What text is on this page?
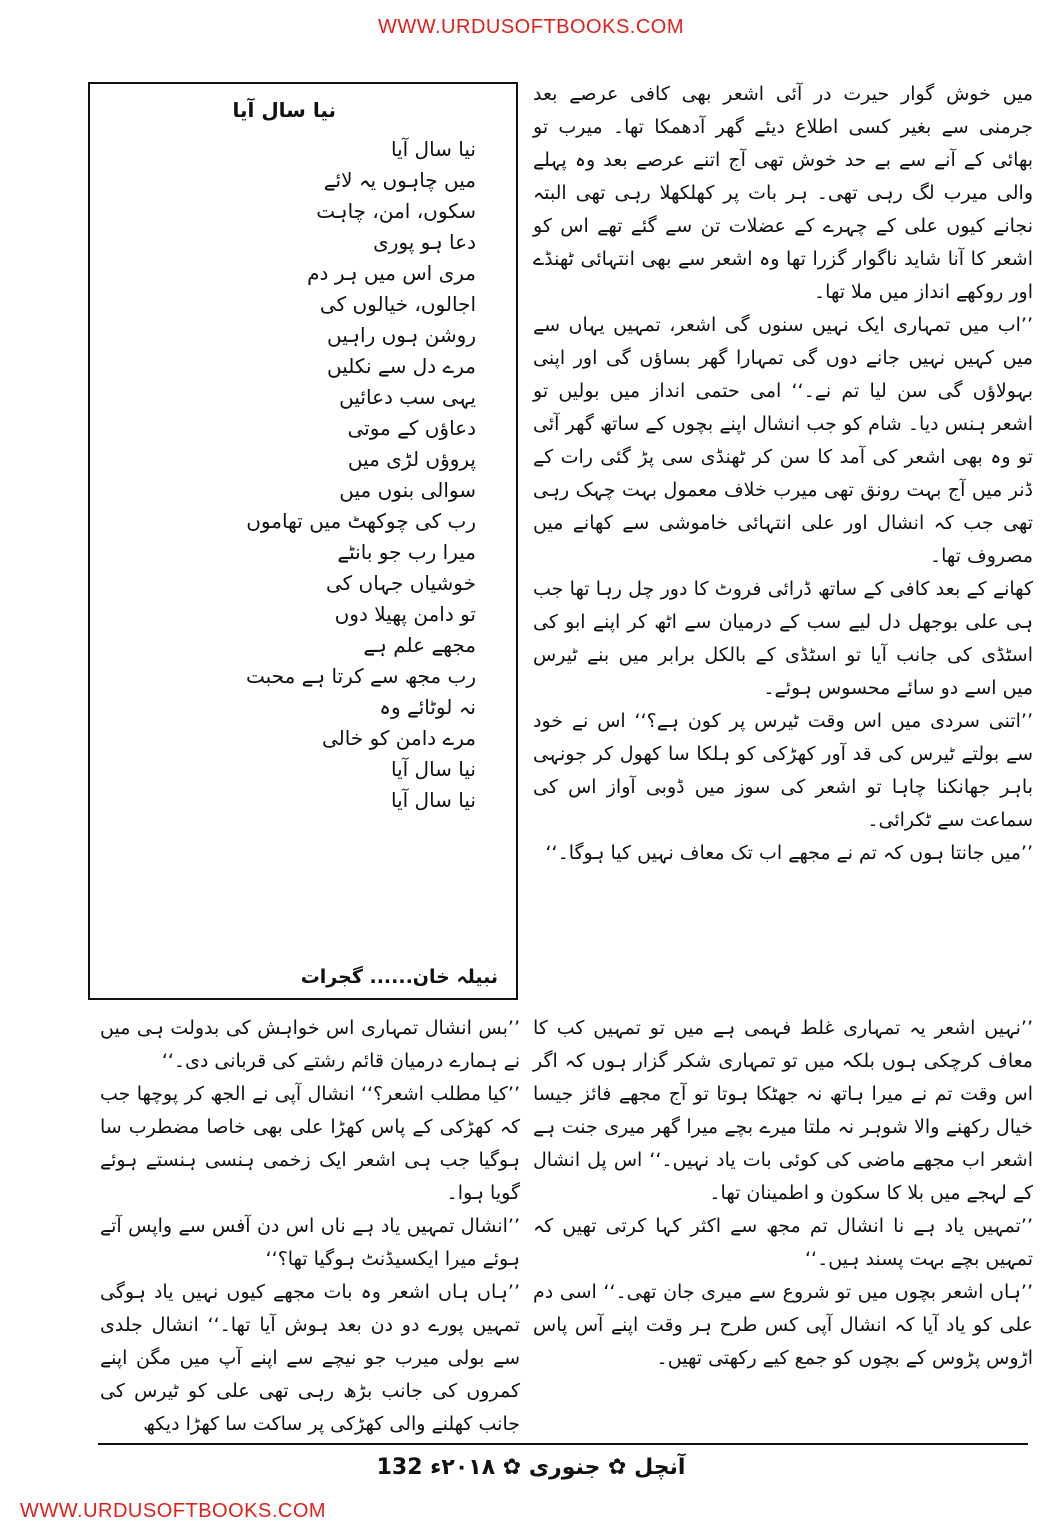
WWW.URDUSOFTBOOKS.COM
میں خوش گوار حیرت در آئی اشعر بھی کافی عرصے بعد جرمنی سے بغیر کسی اطلاع دیئے گھر آدھمکا تھا۔ میرب تو بھائی کے آنے سے بے حد خوش تھی آج اتنے عرصے بعد وہ پہلے والی میرب لگ رہی تھی۔ ہر بات پر کھلکھلا رہی تھی البتہ نجانے کیوں علی کے چہرے کے عضلات تن سے گئے تھے اس کو اشعر کا آنا شاید ناگوار گزرا تھا وہ اشعر سے بھی انتہائی ٹھنڈے اور روکھے انداز میں ملا تھا۔
’’اب میں تمہاری ایک نہیں سنوں گی اشعر، تمہیں یہاں سے میں کہیں نہیں جانے دوں گی تمہارا گھر بساؤں گی اور اپنی بہولاؤں گی سن لیا تم نے۔‘‘ امی حتمی انداز میں بولیں تو اشعر ہنس دیا۔ شام کو جب انشال اپنے بچوں کے ساتھ گھر آئی تو وہ بھی اشعر کی آمد کا سن کر ٹھنڈی سی پڑ گئی رات کے ڈنر میں آج بہت رونق تھی میرب خلاف معمول بہت چہک رہی تھی جب کہ انشال اور علی انتہائی خاموشی سے کھانے میں مصروف تھا۔
کھانے کے بعد کافی کے ساتھ ڈرائی فروٹ کا دور چل رہا تھا جب ہی علی بوجھل دل لیے سب کے درمیان سے اٹھ کر اپنے ابو کی اسٹڈی کی جانب آیا تو اسٹڈی کے بالکل برابر میں بنے ٹیرس میں اسے دو سائے محسوس ہوئے۔
’’اتنی سردی میں اس وقت ٹیرس پر کون ہے؟‘‘ اس نے خود سے بولتے ٹیرس کی قد آور کھڑکی کو ہلکا سا کھول کر جونہی باہر جھانکنا چاہا تو اشعر کی سوز میں ڈوبی آواز اس کی سماعت سے ٹکرائی۔
’’میں جانتا ہوں کہ تم نے مجھے اب تک معاف نہیں کیا ہوگا۔‘‘
نیا سال آیا
نیا سال آیا
میں چاہوں یہ لائے
سکوں، امن، چاہت
دعا ہو پوری
مری اس میں ہر دم
اجالوں، خیالوں کی
روشن ہوں راہیں
مرے دل سے نکلیں
یہی سب دعائیں
دعاؤں کے موتی
پروؤں لڑی میں
سوالی بنوں میں
رب کی چوکھٹ میں تھاموں
میرا رب جو بانٹے
خوشیاں جہاں کی
تو دامن پھیلا دوں
مجھے علم ہے
رب مجھ سے کرتا ہے محبت
نہ لوٹائے وہ
مرے دامن کو خالی
نیا سال آیا
نیا سال آیا
نبیلہ خان...... گجرات
’’نہیں اشعر یہ تمہاری غلط فہمی ہے میں تو تمہیں کب کا معاف کرچکی ہوں بلکہ میں تو تمہاری شکر گزار ہوں کہ اگر اس وقت تم نے میرا ہاتھ نہ جھٹکا ہوتا تو آج مجھے فائز جیسا خیال رکھنے والا شوہر نہ ملتا میرے بچے میرا گھر میری جنت ہے اشعر اب مجھے ماضی کی کوئی بات یاد نہیں۔‘‘ اس پل انشال کے لہجے میں بلا کا سکون و اطمینان تھا۔
’’تمہیں یاد ہے نا انشال تم مجھ سے اکثر کہا کرتی تھیں کہ تمہیں بچے بہت پسند ہیں۔‘‘
’’ہاں اشعر بچوں میں تو شروع سے میری جان تھی۔‘‘ اسی دم علی کو یاد آیا کہ انشال آپی کس طرح ہر وقت اپنے آس پاس اڑوس پڑوس کے بچوں کو جمع کیے رکھتی تھیں۔
’’بس انشال تمہاری اس خواہش کی بدولت ہی میں نے ہمارے درمیان قائم رشتے کی قربانی دی۔‘‘
’’کیا مطلب اشعر؟‘‘ انشال آپی نے الجھ کر پوچھا جب کہ کھڑکی کے پاس کھڑا علی بھی خاصا مضطرب سا ہوگیا جب ہی اشعر ایک زخمی ہنسی ہنستے ہوئے گویا ہوا۔
’’انشال تمہیں یاد ہے ناں اس دن آفس سے واپس آتے ہوئے میرا ایکسیڈنٹ ہوگیا تھا؟‘‘
’’ہاں ہاں اشعر وہ بات مجھے کیوں نہیں یاد ہوگی تمہیں پورے دو دن بعد ہوش آیا تھا۔‘‘ انشال جلدی سے بولی میرب جو نیچے سے اپنے آپ میں مگن اپنے کمروں کی جانب بڑھ رہی تھی علی کو ٹیرس کی جانب کھلنے والی کھڑکی پر ساکت سا کھڑا دیکھ
آنچل ✿ جنوری ✿ ۲۰۱۸ء 132
WWW.URDUSOFTBOOKS.COM
